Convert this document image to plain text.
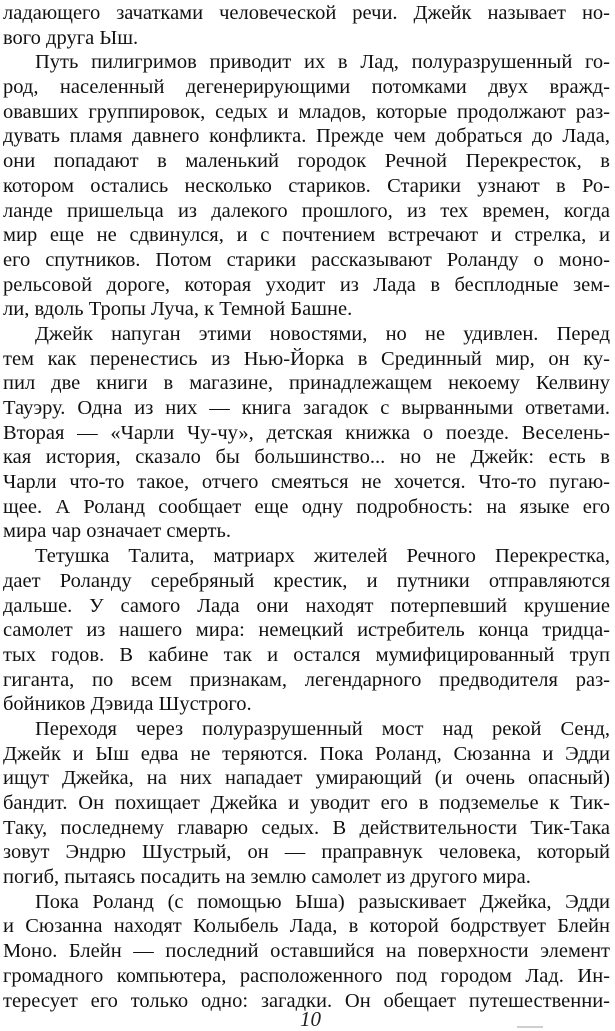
ладающего зачатками человеческой речи. Джейк называет но-
вого друга Ыш.
Путь пилигримов приводит их в Лад, полуразрушенный го-
род, населенный дегенерирующими потомками двух вражд-
овавших группировок, седых и младов, которые продолжают раз-
дувать пламя давнего конфликта. Прежде чем добраться до Лада,
они попадают в маленький городок Речной Перекресток, в
котором остались несколько стариков. Старики узнают в Ро-
ланде пришельца из далекого прошлого, из тех времен, когда
мир еще не сдвинулся, и с почтением встречают и стрелка, и
его спутников. Потом старики рассказывают Роланду о моно-
рельсовой дороге, которая уходит из Лада в бесплодные зем-
ли, вдоль Тропы Луча, к Темной Башне.
Джейк напуган этими новостями, но не удивлен. Перед
тем как перенестись из Нью-Йорка в Срединный мир, он ку-
пил две книги в магазине, принадлежащем некоему Келвину
Тауэру. Одна из них — книга загадок с вырванными ответами.
Вторая — «Чарли Чу-чу», детская книжка о поезде. Веселень-
кая история, сказало бы большинство... но не Джейк: есть в
Чарли что-то такое, отчего смеяться не хочется. Что-то пугаю-
щее. А Роланд сообщает еще одну подробность: на языке его
мира чар означает смерть.
Тетушка Талита, матриарх жителей Речного Перекрестка,
дает Роланду серебряный крестик, и путники отправляются
дальше. У самого Лада они находят потерпевший крушение
самолет из нашего мира: немецкий истребитель конца тридца-
тых годов. В кабине так и остался мумифицированный труп
гиганта, по всем признакам, легендарного предводителя раз-
бойников Дэвида Шустрого.
Переходя через полуразрушенный мост над рекой Сенд,
Джейк и Ыш едва не теряются. Пока Роланд, Сюзанна и Эдди
ищут Джейка, на них нападает умирающий (и очень опасный)
бандит. Он похищает Джейка и уводит его в подземелье к Тик-
Таку, последнему главарю седых. В действительности Тик-Така
зовут Эндрю Шустрый, он — праправнук человека, который
погиб, пытаясь посадить на землю самолет из другого мира.
Пока Роланд (с помощью Ыша) разыскивает Джейка, Эдди
и Сюзанна находят Колыбель Лада, в которой бодрствует Блейн
Моно. Блейн — последний оставшийся на поверхности элемент
громадного компьютера, расположенного под городом Лад. Ин-
тересует его только одно: загадки. Он обещает путешественни-
10
